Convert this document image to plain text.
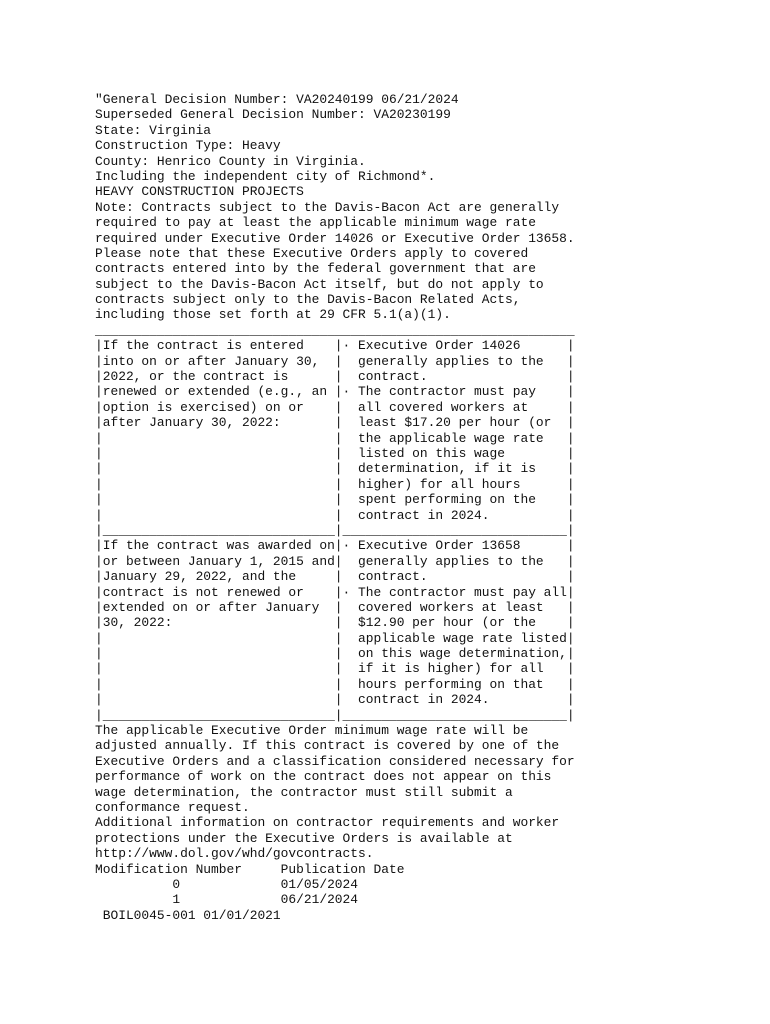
"General Decision Number: VA20240199 06/21/2024
Superseded General Decision Number: VA20230199
State: Virginia
Construction Type: Heavy
County: Henrico County in Virginia.
Including the independent city of Richmond*.
HEAVY CONSTRUCTION PROJECTS
Note: Contracts subject to the Davis-Bacon Act are generally
required to pay at least the applicable minimum wage rate
required under Executive Order 14026 or Executive Order 13658.
Please note that these Executive Orders apply to covered
contracts entered into by the federal government that are
subject to the Davis-Bacon Act itself, but do not apply to
contracts subject only to the Davis-Bacon Related Acts,
including those set forth at 29 CFR 5.1(a)(1).
______________________________________________________________
|If the contract is entered    |· Executive Order 14026      |
|into on or after January 30,  |  generally applies to the   |
|2022, or the contract is      |  contract.                  |
|renewed or extended (e.g., an |· The contractor must pay    |
|option is exercised) on or    |  all covered workers at     |
|after January 30, 2022:       |  least $17.20 per hour (or  |
|                              |  the applicable wage rate   |
|                              |  listed on this wage        |
|                              |  determination, if it is    |
|                              |  higher) for all hours      |
|                              |  spent performing on the    |
|                              |  contract in 2024.          |
|______________________________|_____________________________|
|If the contract was awarded on|· Executive Order 13658      |
|or between January 1, 2015 and|  generally applies to the   |
|January 29, 2022, and the     |  contract.                  |
|contract is not renewed or    |· The contractor must pay all|
|extended on or after January  |  covered workers at least   |
|30, 2022:                     |  $12.90 per hour (or the    |
|                              |  applicable wage rate listed|
|                              |  on this wage determination,|
|                              |  if it is higher) for all   |
|                              |  hours performing on that   |
|                              |  contract in 2024.          |
|______________________________|_____________________________|
The applicable Executive Order minimum wage rate will be
adjusted annually. If this contract is covered by one of the
Executive Orders and a classification considered necessary for
performance of work on the contract does not appear on this
wage determination, the contractor must still submit a
conformance request.
Additional information on contractor requirements and worker
protections under the Executive Orders is available at
http://www.dol.gov/whd/govcontracts.
Modification Number     Publication Date
0             01/05/2024
1             06/21/2024
BOIL0045-001 01/01/2021
